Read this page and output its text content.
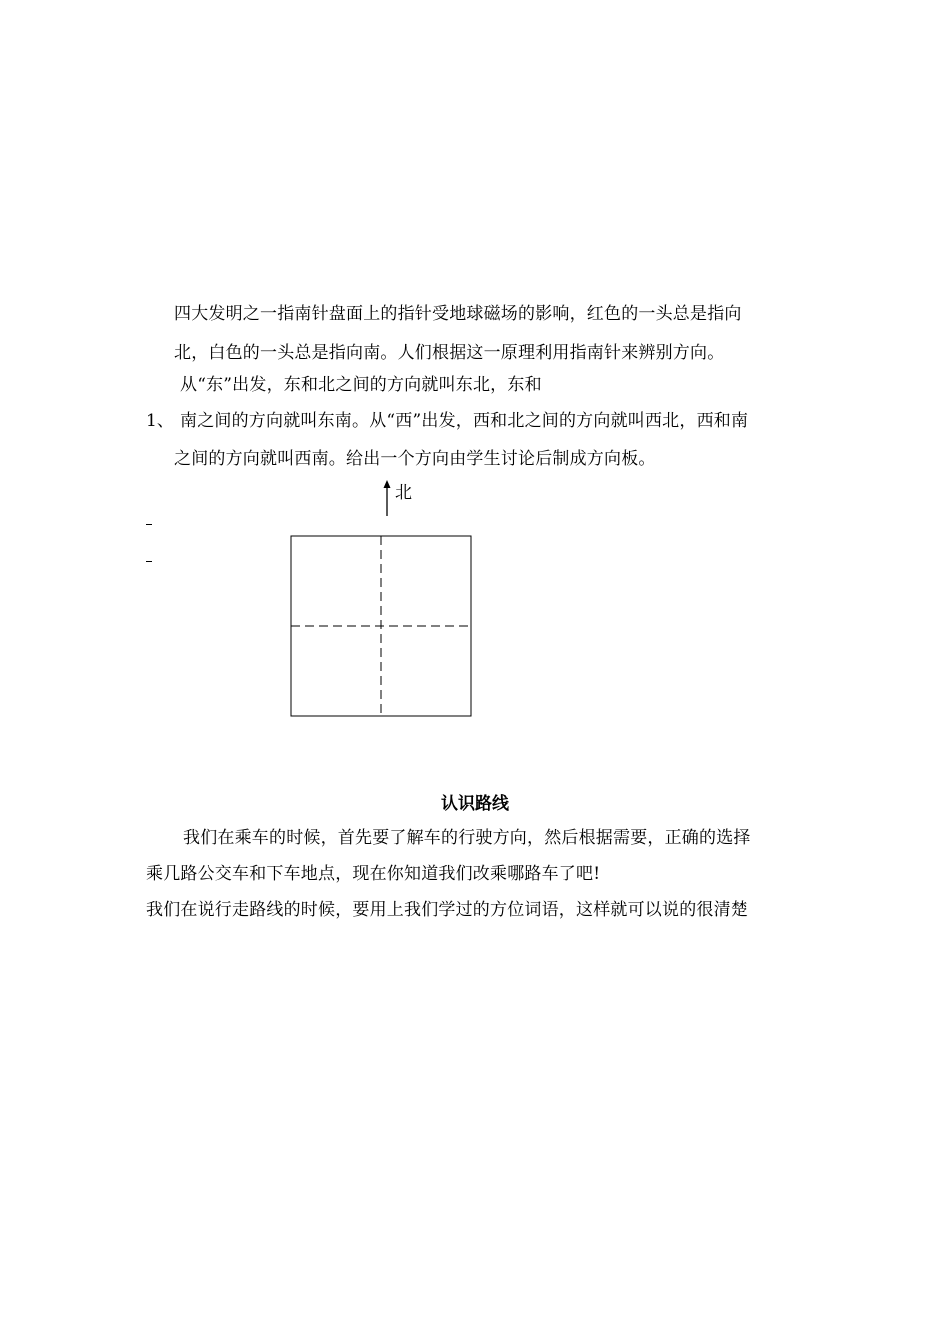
四大发明之一指南针盘面上的指针受地球磁场的影响，红色的一头总是指向
北，白色的一头总是指向南。人们根据这一原理利用指南针来辨别方向。
从“东”出发，东和北之间的方向就叫东北，东和
1、 南之间的方向就叫东南。从“西”出发，西和北之间的方向就叫西北，西和南
之间的方向就叫西南。给出一个方向由学生讨论后制成方向板。
北
认识路线
我们在乘车的时候，首先要了解车的行驶方向，然后根据需要，正确的选择
乘几路公交车和下车地点，现在你知道我们改乘哪路车了吧!
我们在说行走路线的时候，要用上我们学过的方位词语，这样就可以说的很清楚
